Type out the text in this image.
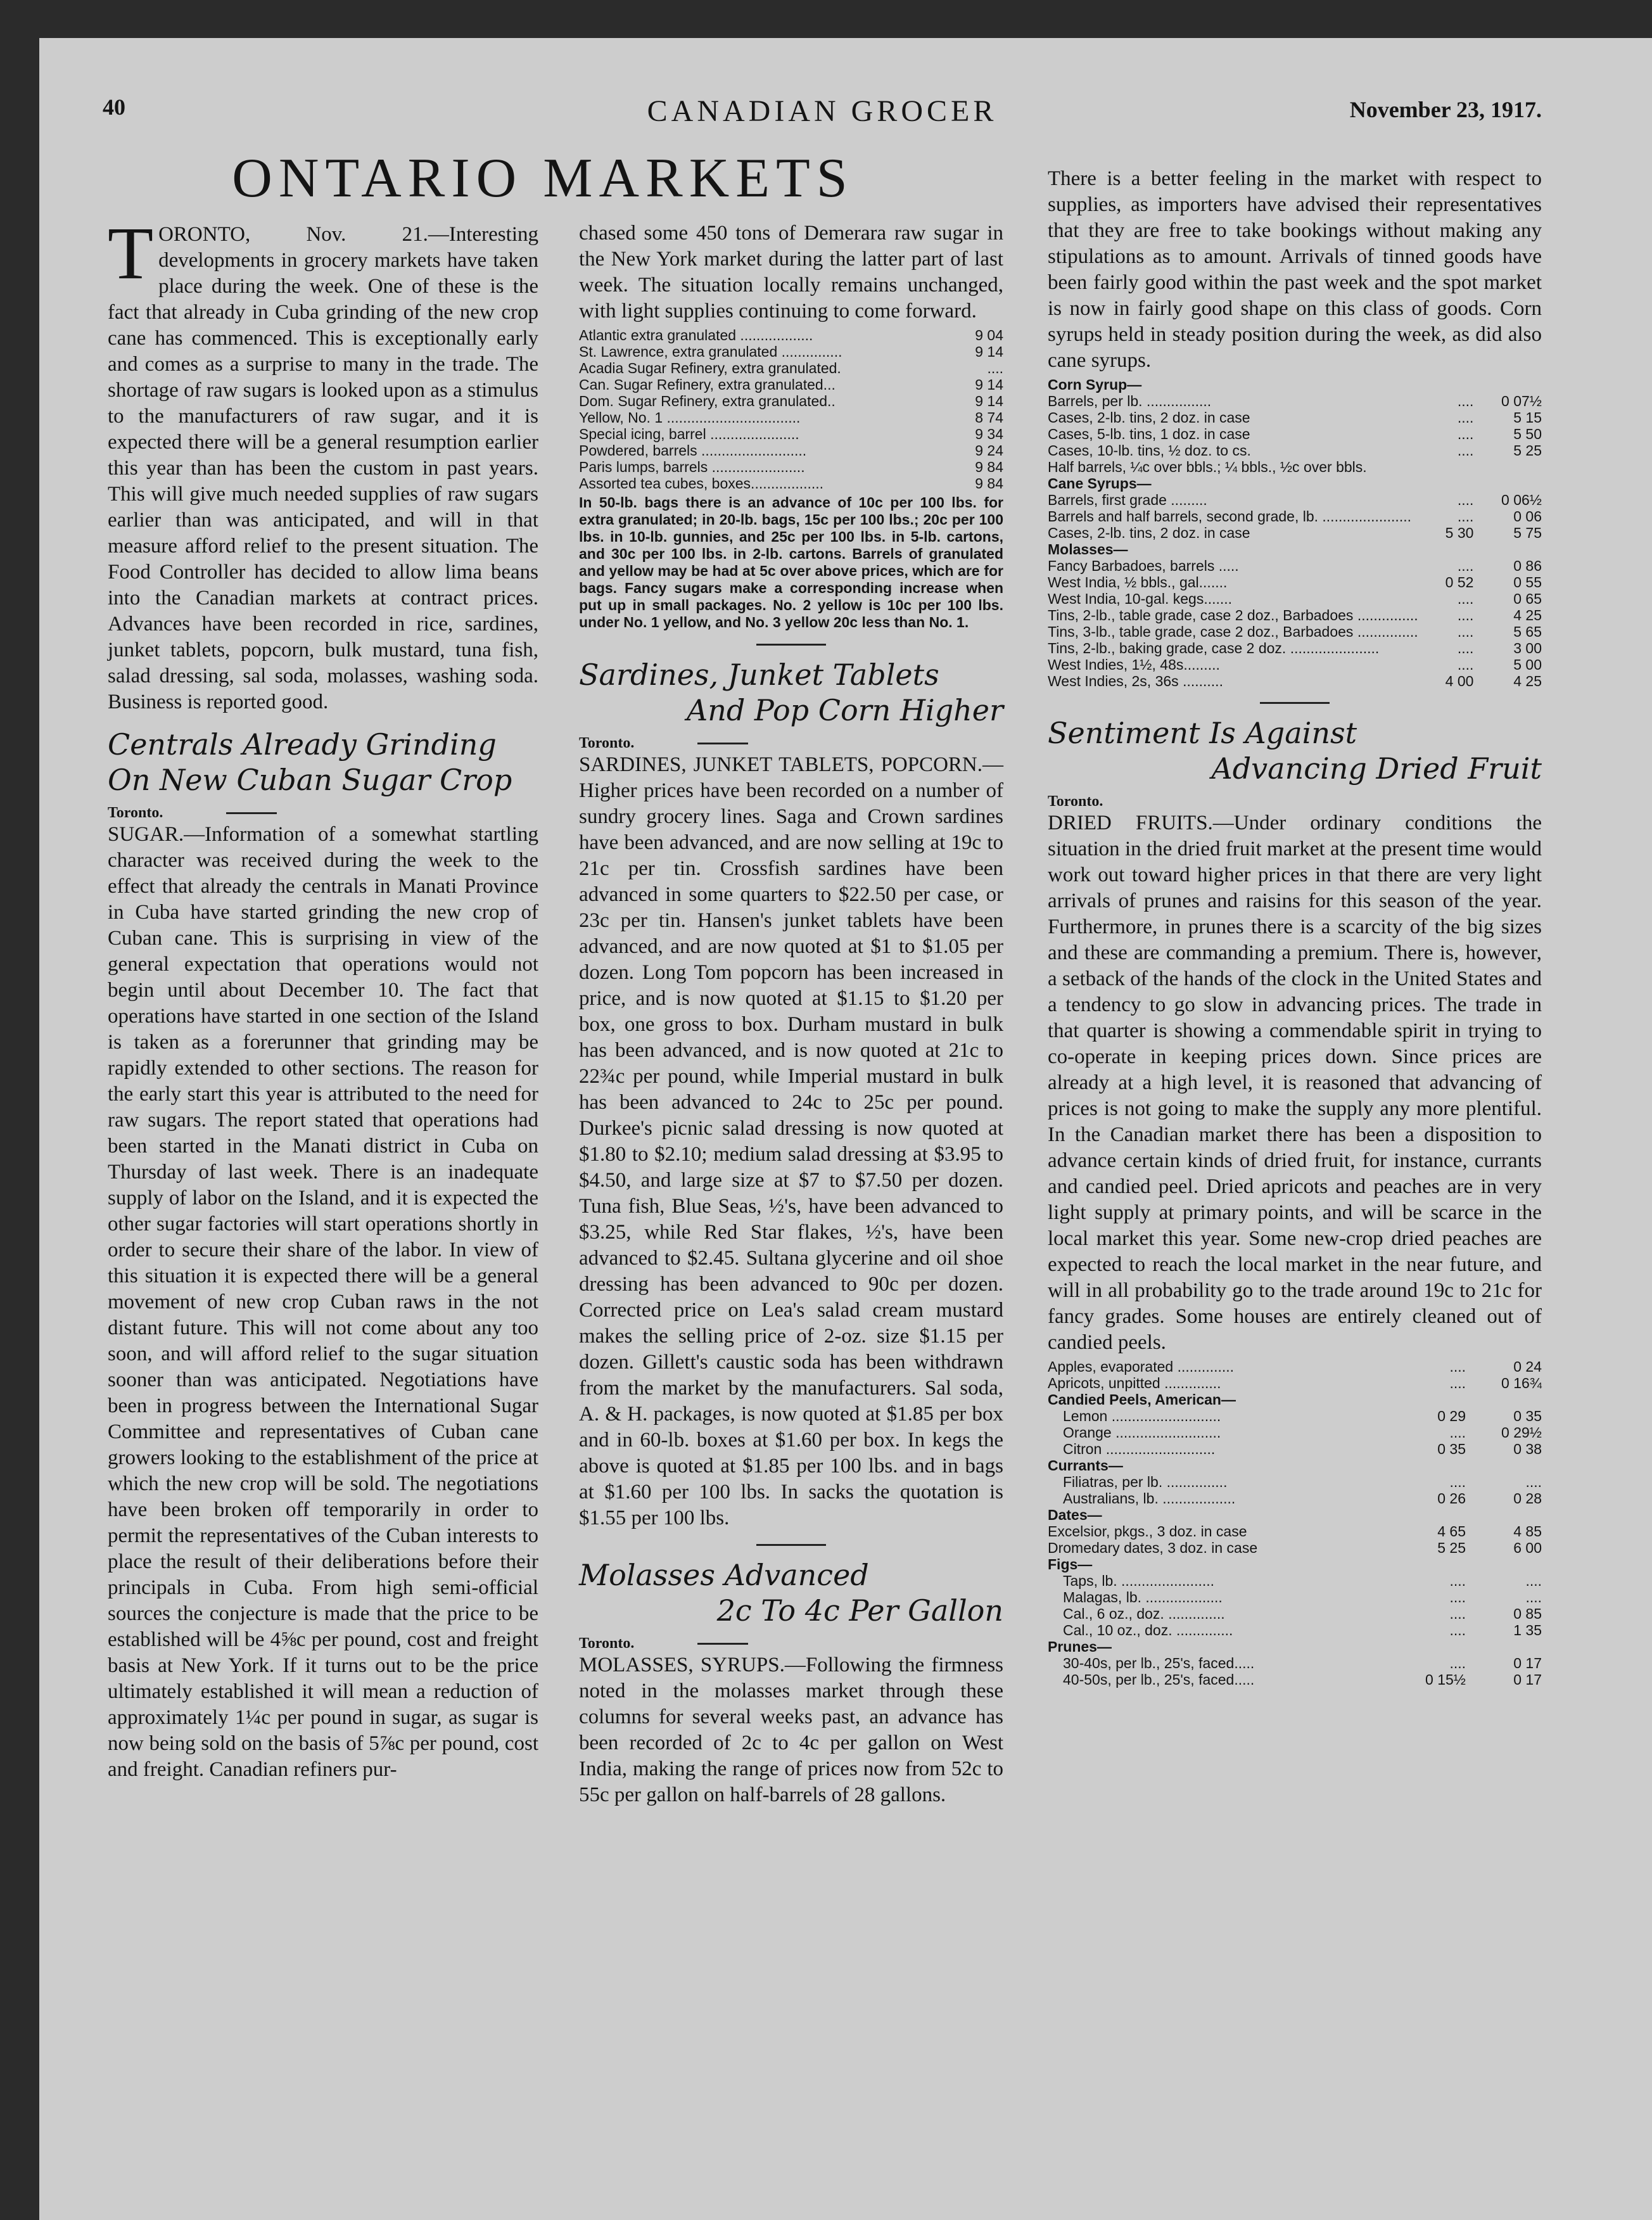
40	CANADIAN GROCER	November 23, 1917.
ONTARIO MARKETS

TORONTO, Nov. 21.—Interesting developments in grocery markets have taken place during the week. One of these is the fact that already in Cuba grinding of the new crop cane has commenced. This is exceptionally early and comes as a surprise to many in the trade. The shortage of raw sugars is looked upon as a stimulus to the manufacturers of raw sugar, and it is expected there will be a general resumption earlier this year than has been the custom in past years. This will give much needed supplies of raw sugars earlier than was anticipated, and will in that measure afford relief to the present situation. The Food Controller has decided to allow lima beans into the Canadian markets at contract prices. Advances have been recorded in rice, sardines, junket tablets, popcorn, bulk mustard, tuna fish, salad dressing, sal soda, molasses, washing soda. Business is reported good.

Centrals Already Grinding
On New Cuban Sugar Crop
Toronto.

SUGAR.—Information of a somewhat startling character was received during the week to the effect that already the centrals in Manati Province in Cuba have started grinding the new crop of Cuban cane. This is surprising in view of the general expectation that operations would not begin until about December 10. The fact that operations have started in one section of the Island is taken as a forerunner that grinding may be rapidly extended to other sections. The reason for the early start this year is attributed to the need for raw sugars. The report stated that operations had been started in the Manati district in Cuba on Thursday of last week. There is an inadequate supply of labor on the Island, and it is expected the other sugar factories will start operations shortly in order to secure their share of the labor. In view of this situation it is expected there will be a general movement of new crop Cuban raws in the not distant future. This will not come about any too soon, and will afford relief to the sugar situation sooner than was anticipated. Negotiations have been in progress between the International Sugar Committee and representatives of Cuban cane growers looking to the establishment of the price at which the new crop will be sold. The negotiations have been broken off temporarily in order to permit the representatives of the Cuban interests to place the result of their deliberations before their principals in Cuba. From high semi-official sources the conjecture is made that the price to be established will be 4⅝c per pound, cost and freight basis at New York. If it turns out to be the price ultimately established it will mean a reduction of approximately 1¼c per pound in sugar, as sugar is now being sold on the basis of 5⅞c per pound, cost and freight. Canadian refiners pur-

chased some 450 tons of Demerara raw sugar in the New York market during the latter part of last week. The situation locally remains unchanged, with light supplies continuing to come forward.

Atlantic extra granulated ..................	9 04
St. Lawrence, extra granulated ...............	9 14
Acadia Sugar Refinery, extra granulated.	....
Can. Sugar Refinery, extra granulated...	9 14
Dom. Sugar Refinery, extra granulated..	9 14
Yellow, No. 1 .................................	8 74
Special icing, barrel ......................	9 34
Powdered, barrels ..........................	9 24
Paris lumps, barrels .......................	9 84
Assorted tea cubes, boxes..................	9 84
In 50-lb. bags there is an advance of 10c per 100 lbs. for extra granulated; in 20-lb. bags, 15c per 100 lbs.; 20c per 100 lbs. in 10-lb. gunnies, and 25c per 100 lbs. in 5-lb. cartons, and 30c per 100 lbs. in 2-lb. cartons. Barrels of granulated and yellow may be had at 5c over above prices, which are for bags. Fancy sugars make a corresponding increase when put up in small packages. No. 2 yellow is 10c per 100 lbs. under No. 1 yellow, and No. 3 yellow 20c less than No. 1.
Sardines, Junket Tablets
And Pop Corn Higher
Toronto.

SARDINES, JUNKET TABLETS, POPCORN.—Higher prices have been recorded on a number of sundry grocery lines. Saga and Crown sardines have been advanced, and are now selling at 19c to 21c per tin. Crossfish sardines have been advanced in some quarters to $22.50 per case, or 23c per tin. Hansen's junket tablets have been advanced, and are now quoted at $1 to $1.05 per dozen. Long Tom popcorn has been increased in price, and is now quoted at $1.15 to $1.20 per box, one gross to box. Durham mustard in bulk has been advanced, and is now quoted at 21c to 22¾c per pound, while Imperial mustard in bulk has been advanced to 24c to 25c per pound. Durkee's picnic salad dressing is now quoted at $1.80 to $2.10; medium salad dressing at $3.95 to $4.50, and large size at $7 to $7.50 per dozen. Tuna fish, Blue Seas, ½'s, have been advanced to $3.25, while Red Star flakes, ½'s, have been advanced to $2.45. Sultana glycerine and oil shoe dressing has been advanced to 90c per dozen. Corrected price on Lea's salad cream mustard makes the selling price of 2-oz. size $1.15 per dozen. Gillett's caustic soda has been withdrawn from the market by the manufacturers. Sal soda, A. & H. packages, is now quoted at $1.85 per box and in 60-lb. boxes at $1.60 per box. In kegs the above is quoted at $1.85 per 100 lbs. and in bags at $1.60 per 100 lbs. In sacks the quotation is $1.55 per 100 lbs.

Molasses Advanced
2c To 4c Per Gallon
Toronto.

MOLASSES, SYRUPS.—Following the firmness noted in the molasses market through these columns for several weeks past, an advance has been recorded of 2c to 4c per gallon on West India, making the range of prices now from 52c to 55c per gallon on half-barrels of 28 gallons.

There is a better feeling in the market with respect to supplies, as importers have advised their representatives that they are free to take bookings without making any stipulations as to amount. Arrivals of tinned goods have been fairly good within the past week and the spot market is now in fairly good shape on this class of goods. Corn syrups held in steady position during the week, as did also cane syrups.

Corn Syrup—		
Barrels, per lb. ................	....	0 07½
Cases, 2-lb. tins, 2 doz. in case	....	5 15
Cases, 5-lb. tins, 1 doz. in case	....	5 50
Cases, 10-lb. tins, ½ doz. to cs.	....	5 25
Half barrels, ¼c over bbls.; ¼ bbls., ½c over bbls.		
Cane Syrups—		
Barrels, first grade .........	....	0 06½
Barrels and half barrels, second grade, lb. ......................	....	0 06
Cases, 2-lb. tins, 2 doz. in case	5 30	5 75
Molasses—		
Fancy Barbadoes, barrels .....	....	0 86
West India, ½ bbls., gal.......	0 52	0 55
West India, 10-gal. kegs.......	....	0 65
Tins, 2-lb., table grade, case 2 doz., Barbadoes ...............	....	4 25
Tins, 3-lb., table grade, case 2 doz., Barbadoes ...............	....	5 65
Tins, 2-lb., baking grade, case 2 doz. ......................	....	3 00
West Indies, 1½, 48s.........	....	5 00
West Indies, 2s, 36s ..........	4 00	4 25
Sentiment Is Against
Advancing Dried Fruit
Toronto.

DRIED FRUITS.—Under ordinary conditions the situation in the dried fruit market at the present time would work out toward higher prices in that there are very light arrivals of prunes and raisins for this season of the year. Furthermore, in prunes there is a scarcity of the big sizes and these are commanding a premium. There is, however, a setback of the hands of the clock in the United States and a tendency to go slow in advancing prices. The trade in that quarter is showing a commendable spirit in trying to co-operate in keeping prices down. Since prices are already at a high level, it is reasoned that advancing of prices is not going to make the supply any more plentiful. In the Canadian market there has been a disposition to advance certain kinds of dried fruit, for instance, currants and candied peel. Dried apricots and peaches are in very light supply at primary points, and will be scarce in the local market this year. Some new-crop dried peaches are expected to reach the local market in the near future, and will in all probability go to the trade around 19c to 21c for fancy grades. Some houses are entirely cleaned out of candied peels.

Apples, evaporated ..............	....	0 24
Apricots, unpitted ..............	....	0 16¾
Candied Peels, American—		
Lemon ...........................	0 29	0 35
Orange ..........................	....	0 29½
Citron ...........................	0 35	0 38
Currants—		
Filiatras, per lb. ...............	....	....
Australians, lb. ..................	0 26	0 28
Dates—		
Excelsior, pkgs., 3 doz. in case	4 65	4 85
Dromedary dates, 3 doz. in case	5 25	6 00
Figs—		
Taps, lb. .......................	....	....
Malagas, lb. ...................	....	....
Cal., 6 oz., doz. ..............	....	0 85
Cal., 10 oz., doz. ..............	....	1 35
Prunes—		
30-40s, per lb., 25's, faced.....	....	0 17
40-50s, per lb., 25's, faced.....	0 15½	0 17
